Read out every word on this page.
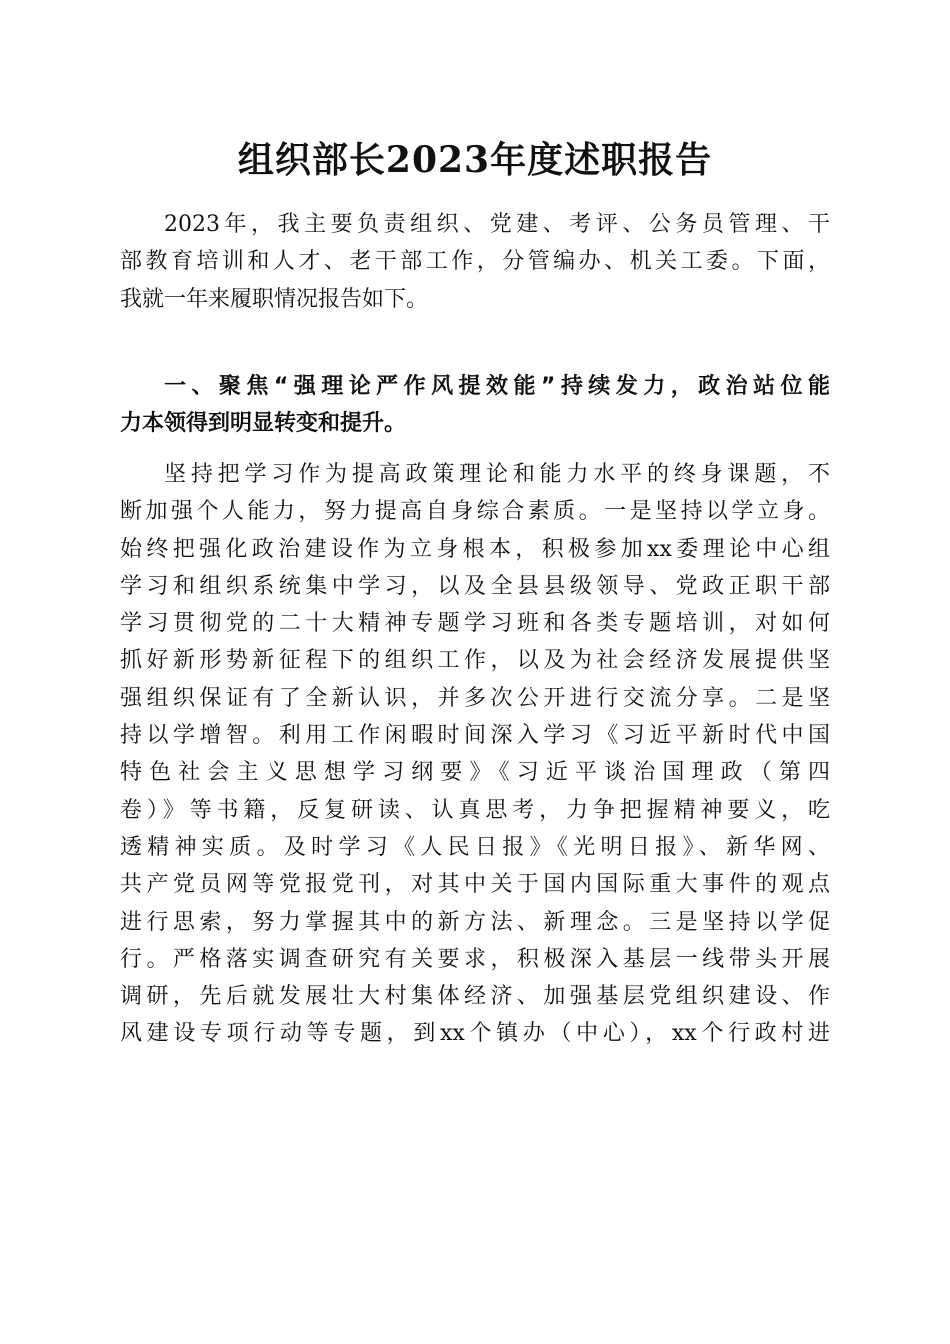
组织部长2023年度述职报告
2023年，我主要负责组织、党建、考评、公务员管理、干
部教育培训和人才、老干部工作，分管编办、机关工委。下面，
我就一年来履职情况报告如下。
一、聚焦“强理论严作风提效能”持续发力，政治站位能
力本领得到明显转变和提升。
坚持把学习作为提高政策理论和能力水平的终身课题，不
断加强个人能力，努力提高自身综合素质。一是坚持以学立身。
始终把强化政治建设作为立身根本，积极参加xx委理论中心组
学习和组织系统集中学习，以及全县县级领导、党政正职干部
学习贯彻党的二十大精神专题学习班和各类专题培训，对如何
抓好新形势新征程下的组织工作，以及为社会经济发展提供坚
强组织保证有了全新认识，并多次公开进行交流分享。二是坚
持以学增智。利用工作闲暇时间深入学习《习近平新时代中国
特色社会主义思想学习纲要》《习近平谈治国理政（第四
卷）》等书籍，反复研读、认真思考，力争把握精神要义，吃
透精神实质。及时学习《人民日报》《光明日报》、新华网、
共产党员网等党报党刊，对其中关于国内国际重大事件的观点
进行思索，努力掌握其中的新方法、新理念。三是坚持以学促
行。严格落实调查研究有关要求，积极深入基层一线带头开展
调研，先后就发展壮大村集体经济、加强基层党组织建设、作
风建设专项行动等专题，到xx个镇办（中心），xx个行政村进
